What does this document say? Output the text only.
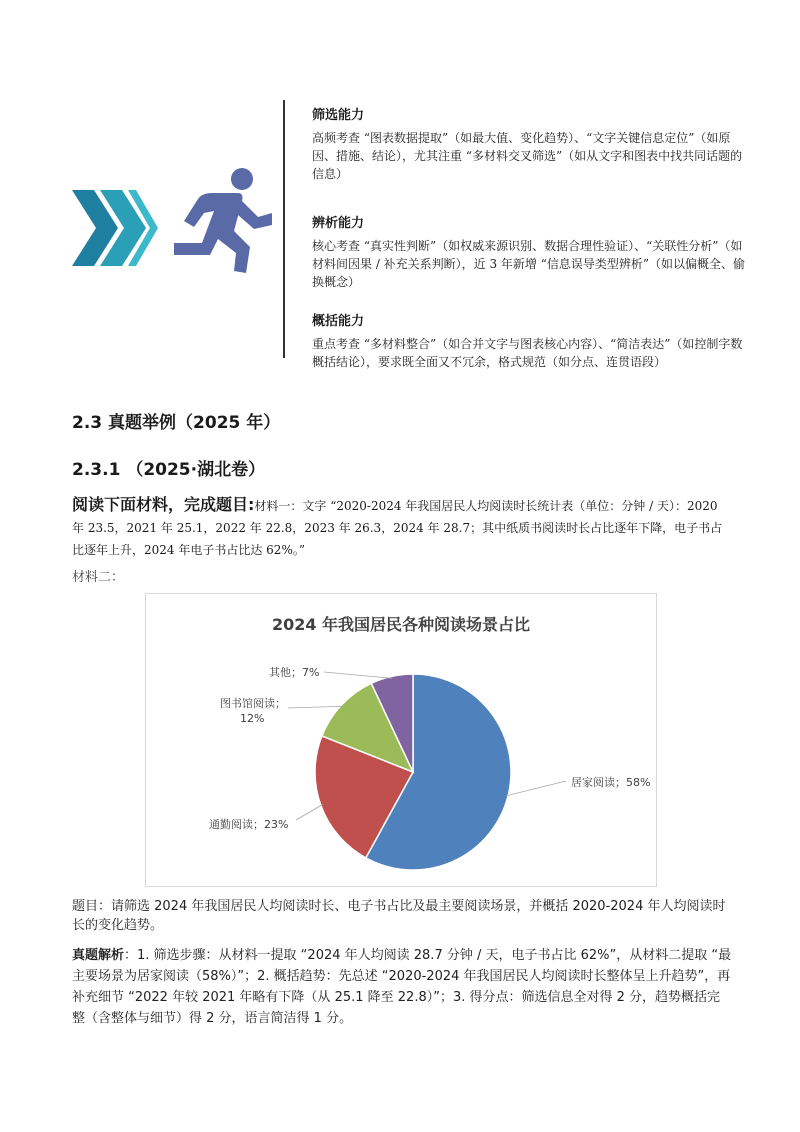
筛选能力

高频考查 “图表数据提取”（如最大值、变化趋势）、“文字关键信息定位”（如原因、措施、结论），尤其注重 “多材料交叉筛选”（如从文字和图表中找共同话题的信息）

辨析能力

核心考查 “真实性判断”（如权威来源识别、数据合理性验证）、“关联性分析”（如材料间因果 / 补充关系判断），近 3 年新增 “信息误导类型辨析”（如以偏概全、偷换概念）

概括能力

重点考查 “多材料整合”（如合并文字与图表核心内容）、“简洁表达”（如控制字数概括结论），要求既全面又不冗余，格式规范（如分点、连贯语段）

2.3 真题举例（2025 年）
2.3.1 （2025·湖北卷）

阅读下面材料，完成题目:材料一：文字 “2020-2024 年我国居民人均阅读时长统计表（单位：分钟 / 天）：2020 年 23.5，2021 年 25.1，2022 年 22.8，2023 年 26.3，2024 年 28.7；其中纸质书阅读时长占比逐年下降，电子书占比逐年上升，2024 年电子书占比达 62%。”

材料二：

2024 年我国居民各种阅读场景占比
居家阅读；58%
通勤阅读；23%
图书馆阅读；
12%
其他；7%

题目：请筛选 2024 年我国居民人均阅读时长、电子书占比及最主要阅读场景，并概括 2020-2024 年人均阅读时长的变化趋势。

真题解析：1. 筛选步骤：从材料一提取 “2024 年人均阅读 28.7 分钟 / 天，电子书占比 62%”，从材料二提取 “最主要场景为居家阅读（58%）”；2. 概括趋势：先总述 “2020-2024 年我国居民人均阅读时长整体呈上升趋势”，再补充细节 “2022 年较 2021 年略有下降（从 25.1 降至 22.8）”；3. 得分点：筛选信息全对得 2 分，趋势概括完整（含整体与细节）得 2 分，语言简洁得 1 分。
